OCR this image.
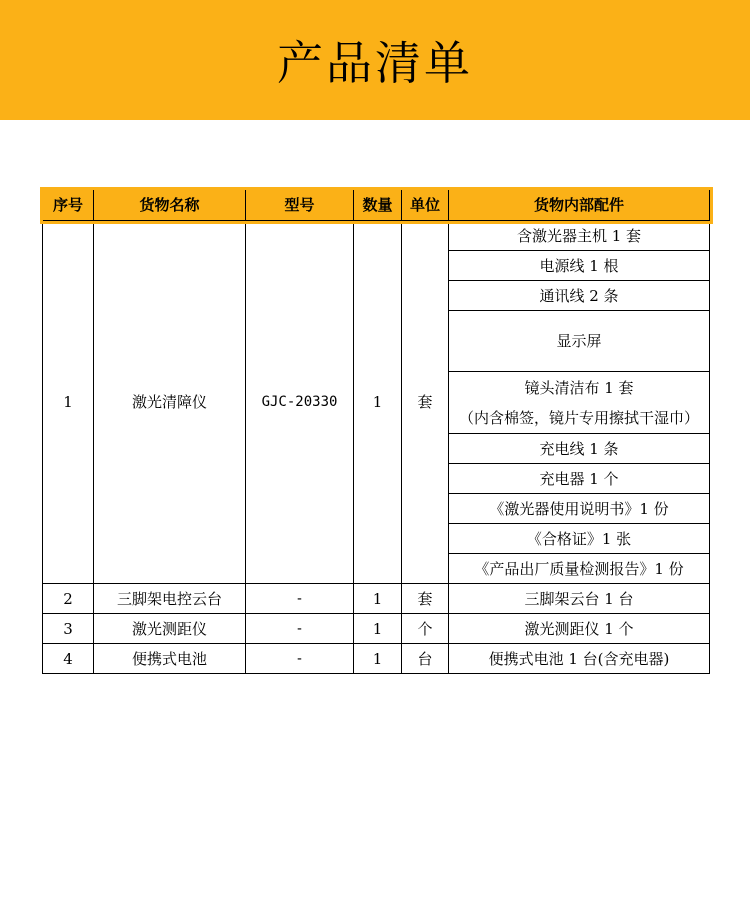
产品清单
序号	货物名称	型号	数量	单位	货物内部配件
1	激光清障仪	GJC-20330	1	套	含激光器主机 1 套
					电源线 1 根
					通讯线 2 条
					显示屏

					镜头清洁布 1 套
（内含棉签，镜片专用擦拭干湿巾）

					充电线 1 条
					充电器 1 个
					《激光器使用说明书》1 份
					《合格证》1 张
					《产品出厂质量检测报告》1 份
2	三脚架电控云台	-	1	套	三脚架云台 1 台
3	激光测距仪	-	1	个	激光测距仪 1 个
4	便携式电池	-	1	台	便携式电池 1 台(含充电器)
